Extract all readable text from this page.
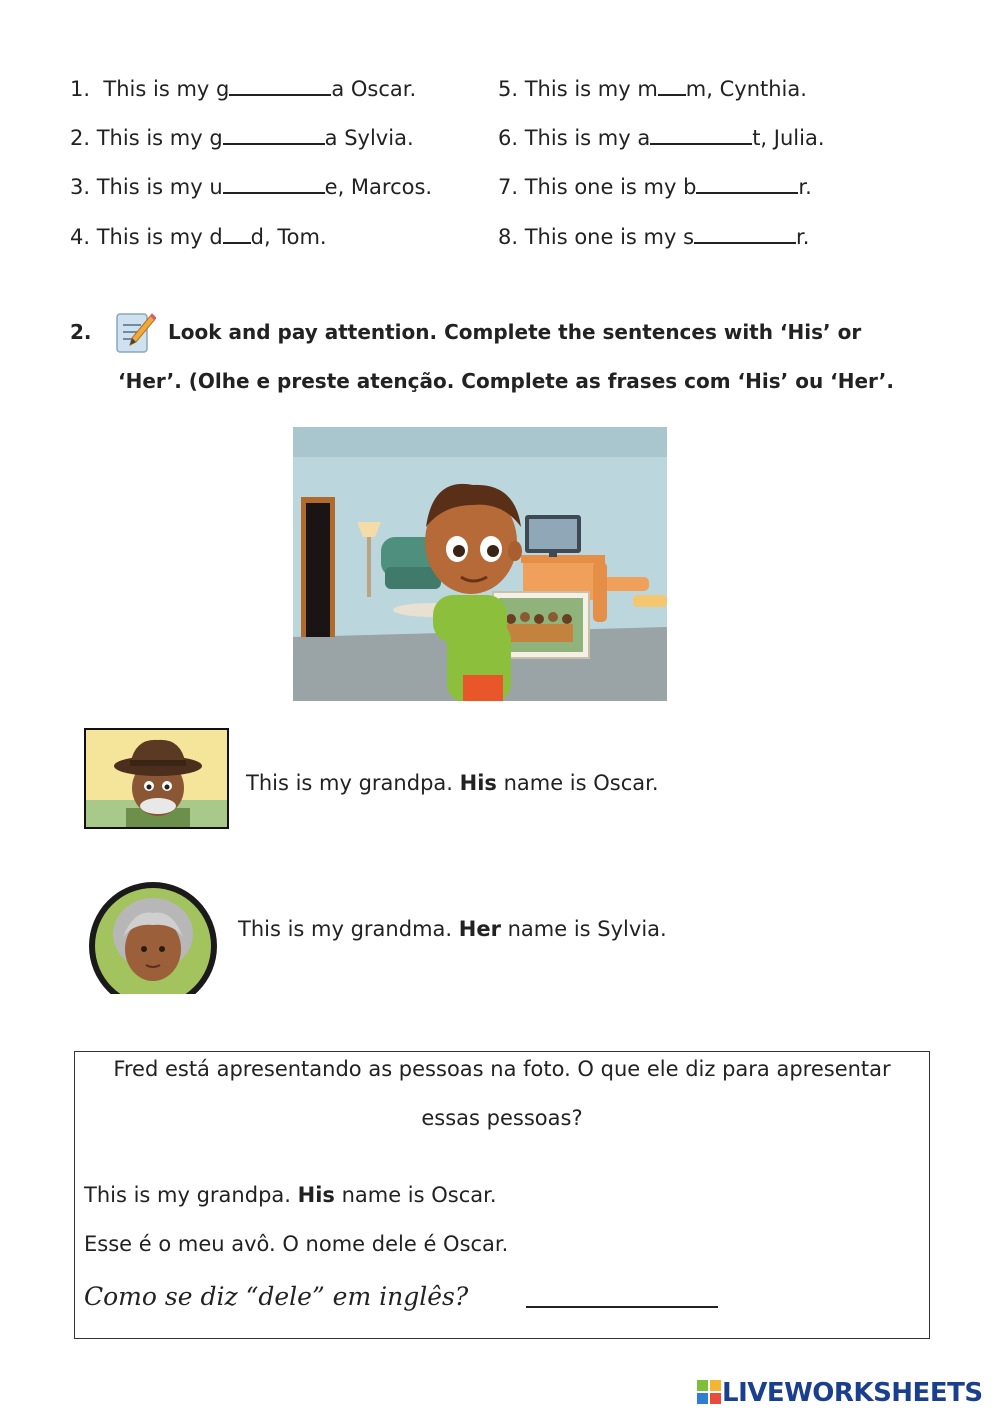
1. This is my g	a Oscar.
2. This is my g	a Sylvia.
3. This is my u	e, Marcos.
4. This is my d d, Tom.
5. This is my m m, Cynthia.
6. This is my a	t, Julia.
7. This one is my b	r.
8. This one is my s	r.
2.	Look and pay attention. Complete the sentences with ‘His’ or
‘Her’. (Olhe e preste atenção. Complete as frases com ‘His’ ou ‘Her’.
This is my grandpa. His name is Oscar.
This is my grandma. Her name is Sylvia.
Fred está apresentando as pessoas na foto. O que ele diz para apresentar
essas pessoas?
This is my grandpa. His name is Oscar.
Esse é o meu avô. O nome dele é Oscar.
Como se diz “dele” em inglês?
LIVEWORKSHEETS
